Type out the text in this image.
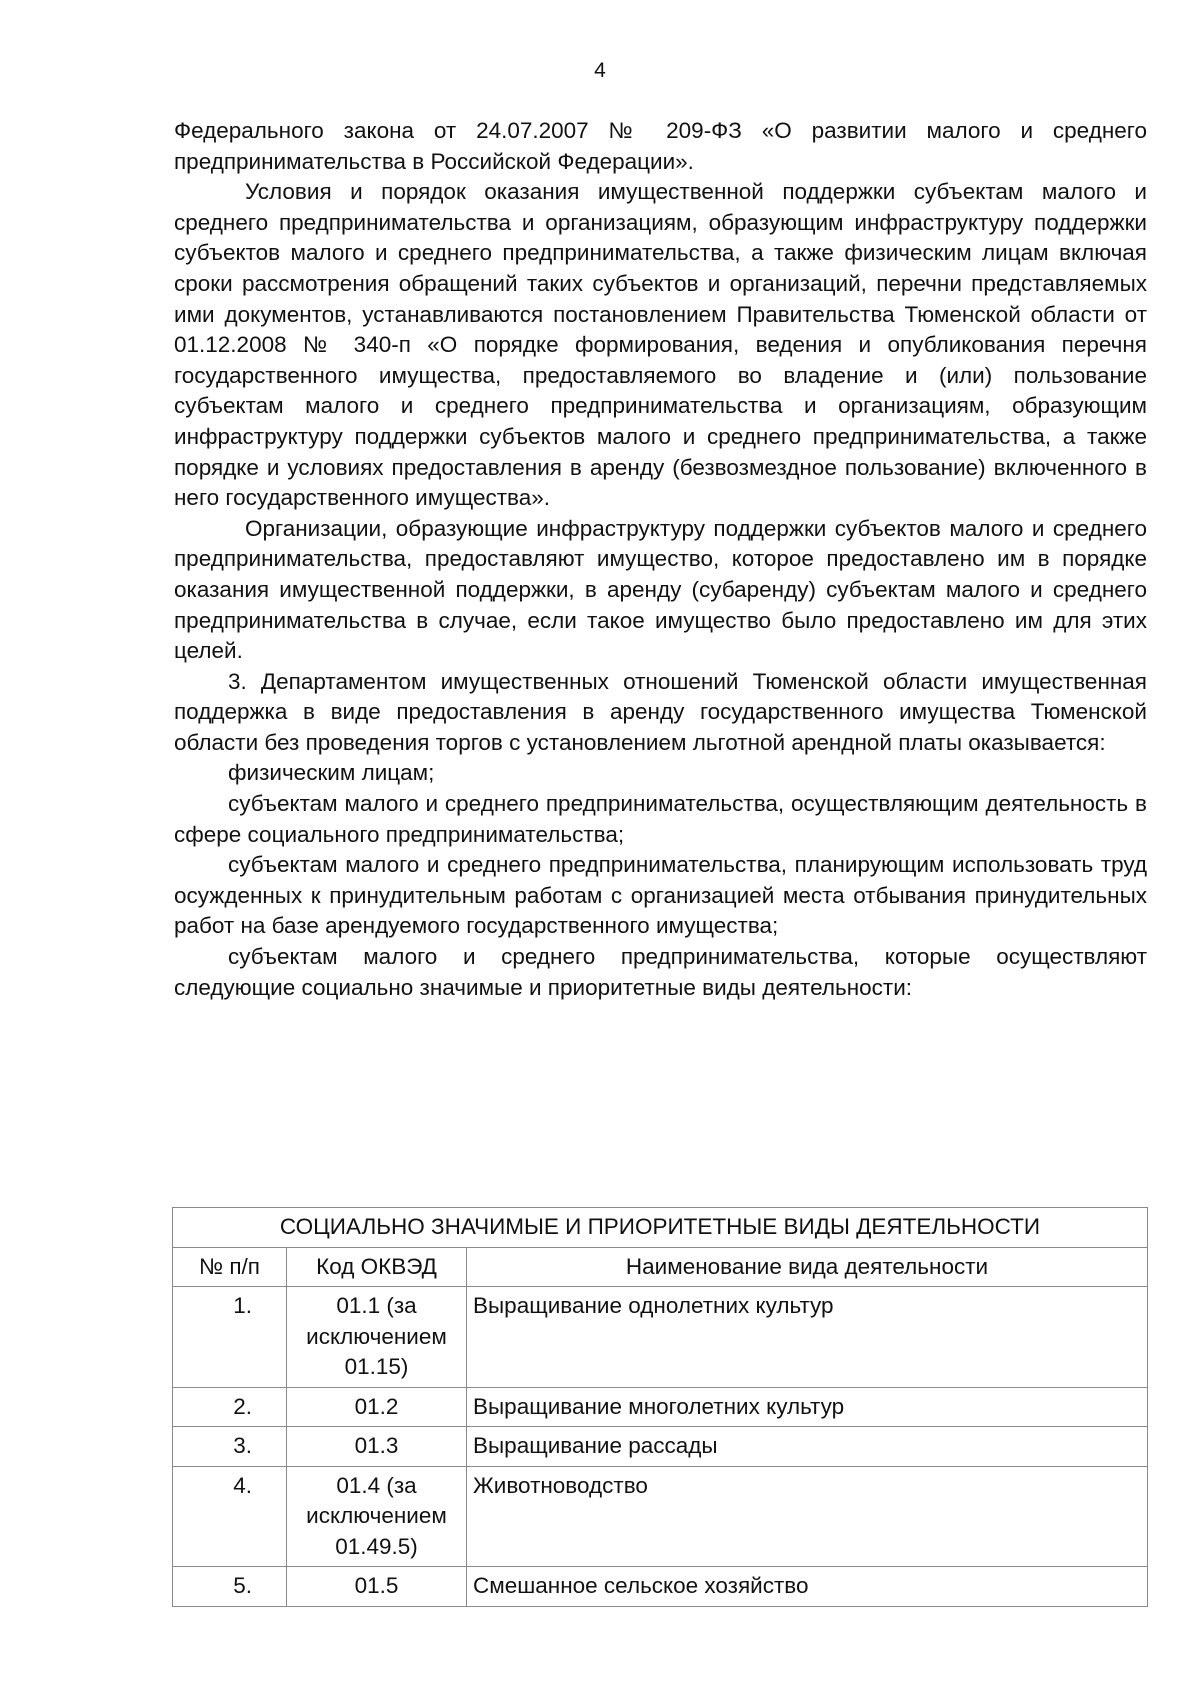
4

Федерального закона от 24.07.2007 № 209-ФЗ «О развитии малого и среднего предпринимательства в Российской Федерации».

Условия и порядок оказания имущественной поддержки субъектам малого и среднего предпринимательства и организациям, образующим инфраструктуру поддержки субъектов малого и среднего предпринимательства, а также физическим лицам включая сроки рассмотрения обращений таких субъектов и организаций, перечни представляемых ими документов, устанавливаются постановлением Правительства Тюменской области от 01.12.2008 № 340-п «О порядке формирования, ведения и опубликования перечня государственного имущества, предоставляемого во владение и (или) пользование субъектам малого и среднего предпринимательства и организациям, образующим инфраструктуру поддержки субъектов малого и среднего предпринимательства, а также порядке и условиях предоставления в аренду (безвозмездное пользование) включенного в него государственного имущества».

Организации, образующие инфраструктуру поддержки субъектов малого и среднего предпринимательства, предоставляют имущество, которое предоставлено им в порядке оказания имущественной поддержки, в аренду (субаренду) субъектам малого и среднего предпринимательства в случае, если такое имущество было предоставлено им для этих целей.

3. Департаментом имущественных отношений Тюменской области имущественная поддержка в виде предоставления в аренду государственного имущества Тюменской области без проведения торгов с установлением льготной арендной платы оказывается:

физическим лицам;

субъектам малого и среднего предпринимательства, осуществляющим деятельность в сфере социального предпринимательства;

субъектам малого и среднего предпринимательства, планирующим использовать труд осужденных к принудительным работам с организацией места отбывания принудительных работ на базе арендуемого государственного имущества;

субъектам малого и среднего предпринимательства, которые осуществляют следующие социально значимые и приоритетные виды деятельности:

СОЦИАЛЬНО ЗНАЧИМЫЕ И ПРИОРИТЕТНЫЕ ВИДЫ ДЕЯТЕЛЬНОСТИ		
№ п/п	Код ОКВЭД	Наименование вида деятельности
1.	01.1 (за исключением 01.15)	Выращивание однолетних культур
2.	01.2	Выращивание многолетних культур
3.	01.3	Выращивание рассады
4.	01.4 (за исключением 01.49.5)	Животноводство
5.	01.5	Смешанное сельское хозяйство
